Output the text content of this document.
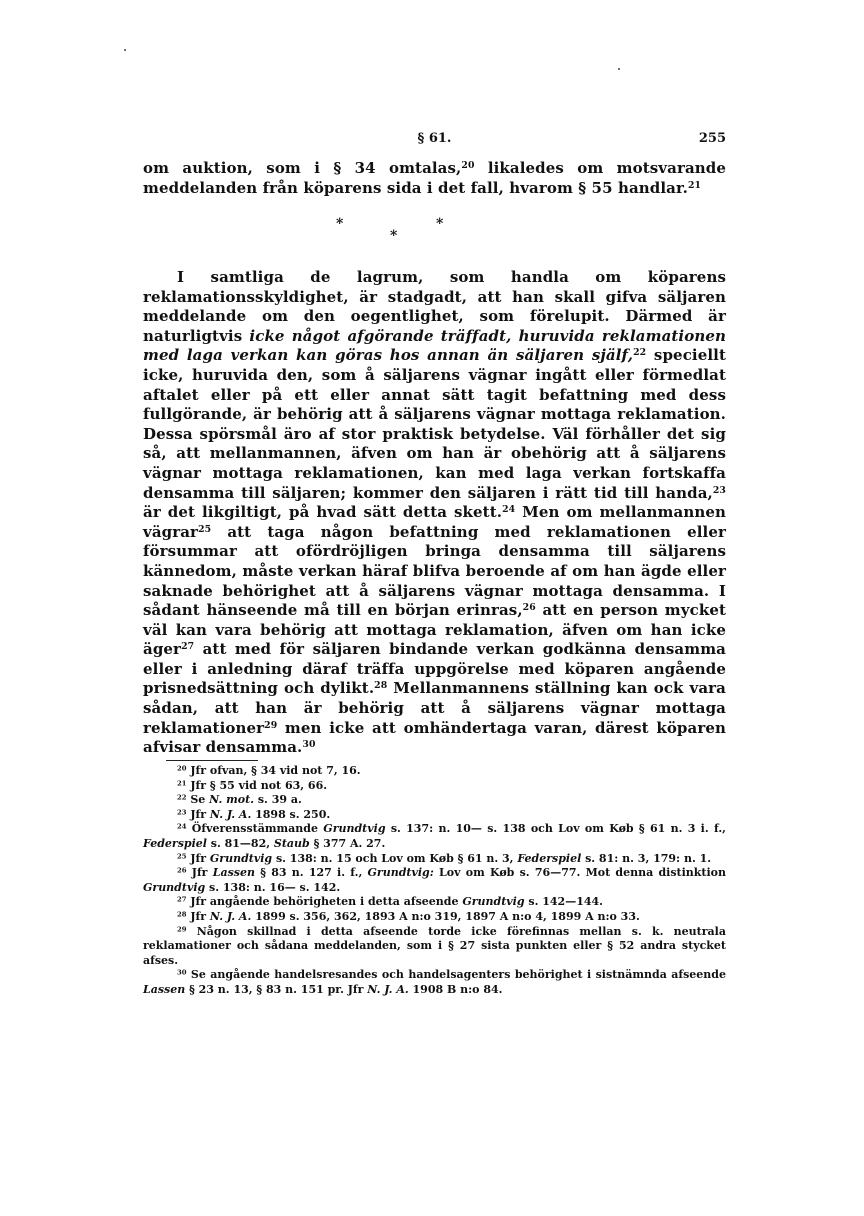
§ 61.	255
om auktion, som i § 34 omtalas,$^{20}$ likaledes om motsvarande meddelanden från köparens sida i det fall, hvarom § 55 handlar.$^{21}$
*
*
*
I samtliga de lagrum, som handla om köparens reklamationsskyldighet, är stadgadt, att han skall gifva säljaren meddelande om den oegentlighet, som förelupit. Därmed är naturligtvis icke något afgörande träffadt, huruvida reklamationen med laga verkan kan göras hos annan än säljaren själf,$^{22}$ speciellt icke, huruvida den, som å säljarens vägnar ingått eller förmedlat aftalet eller på ett eller annat sätt tagit befattning med dess fullgörande, är behörig att å säljarens vägnar mottaga reklamation. Dessa spörsmål äro af stor praktisk betydelse. Väl förhåller det sig så, att mellanmannen, äfven om han är obehörig att å säljarens vägnar mottaga reklamationen, kan med laga verkan fortskaffa densamma till säljaren; kommer den säljaren i rätt tid till handa,$^{23}$ är det likgiltigt, på hvad sätt detta skett.$^{24}$ Men om mellanmannen vägrar$^{25}$ att taga någon befattning med reklamationen eller försummar att ofördröjligen bringa densamma till säljarens kännedom, måste verkan häraf blifva beroende af om han ägde eller saknade behörighet att å säljarens vägnar mottaga densamma. I sådant hänseende må till en början erinras,$^{26}$ att en person mycket väl kan vara behörig att mottaga reklamation, äfven om han icke äger$^{27}$ att med för säljaren bindande verkan godkänna densamma eller i anledning däraf träffa uppgörelse med köparen angående prisnedsättning och dylikt.$^{28}$ Mellanmannens ställning kan ock vara sådan, att han är behörig att å säljarens vägnar mottaga reklamationer$^{29}$ men icke att omhändertaga varan, därest köparen afvisar densamma.$^{30}$
$^{20}$ Jfr ofvan, § 34 vid not 7, 16.
$^{21}$ Jfr § 55 vid not 63, 66.
$^{22}$ Se N. mot. s. 39 a.
$^{23}$ Jfr N. J. A. 1898 s. 250.
$^{24}$ Öfverensstämmande Grundtvig s. 137: n. 10— s. 138 och Lov om Køb § 61 n. 3 i. f., Federspiel s. 81—82, Staub § 377 A. 27.
$^{25}$ Jfr Grundtvig s. 138: n. 15 och Lov om Køb § 61 n. 3, Federspiel s. 81: n. 3, 179: n. 1.
$^{26}$ Jfr Lassen § 83 n. 127 i. f., Grundtvig: Lov om Køb s. 76—77. Mot denna distinktion Grundtvig s. 138: n. 16— s. 142.
$^{27}$ Jfr angående behörigheten i detta afseende Grundtvig s. 142—144.
$^{28}$ Jfr N. J. A. 1899 s. 356, 362, 1893 A n:o 319, 1897 A n:o 4, 1899 A n:o 33.
$^{29}$ Någon skillnad i detta afseende torde icke förefinnas mellan s. k. neutrala reklamationer och sådana meddelanden, som i § 27 sista punkten eller § 52 andra stycket afses.
$^{30}$ Se angående handelsresandes och handelsagenters behörighet i sistnämnda afseende Lassen § 23 n. 13, § 83 n. 151 pr. Jfr N. J. A. 1908 B n:o 84.
